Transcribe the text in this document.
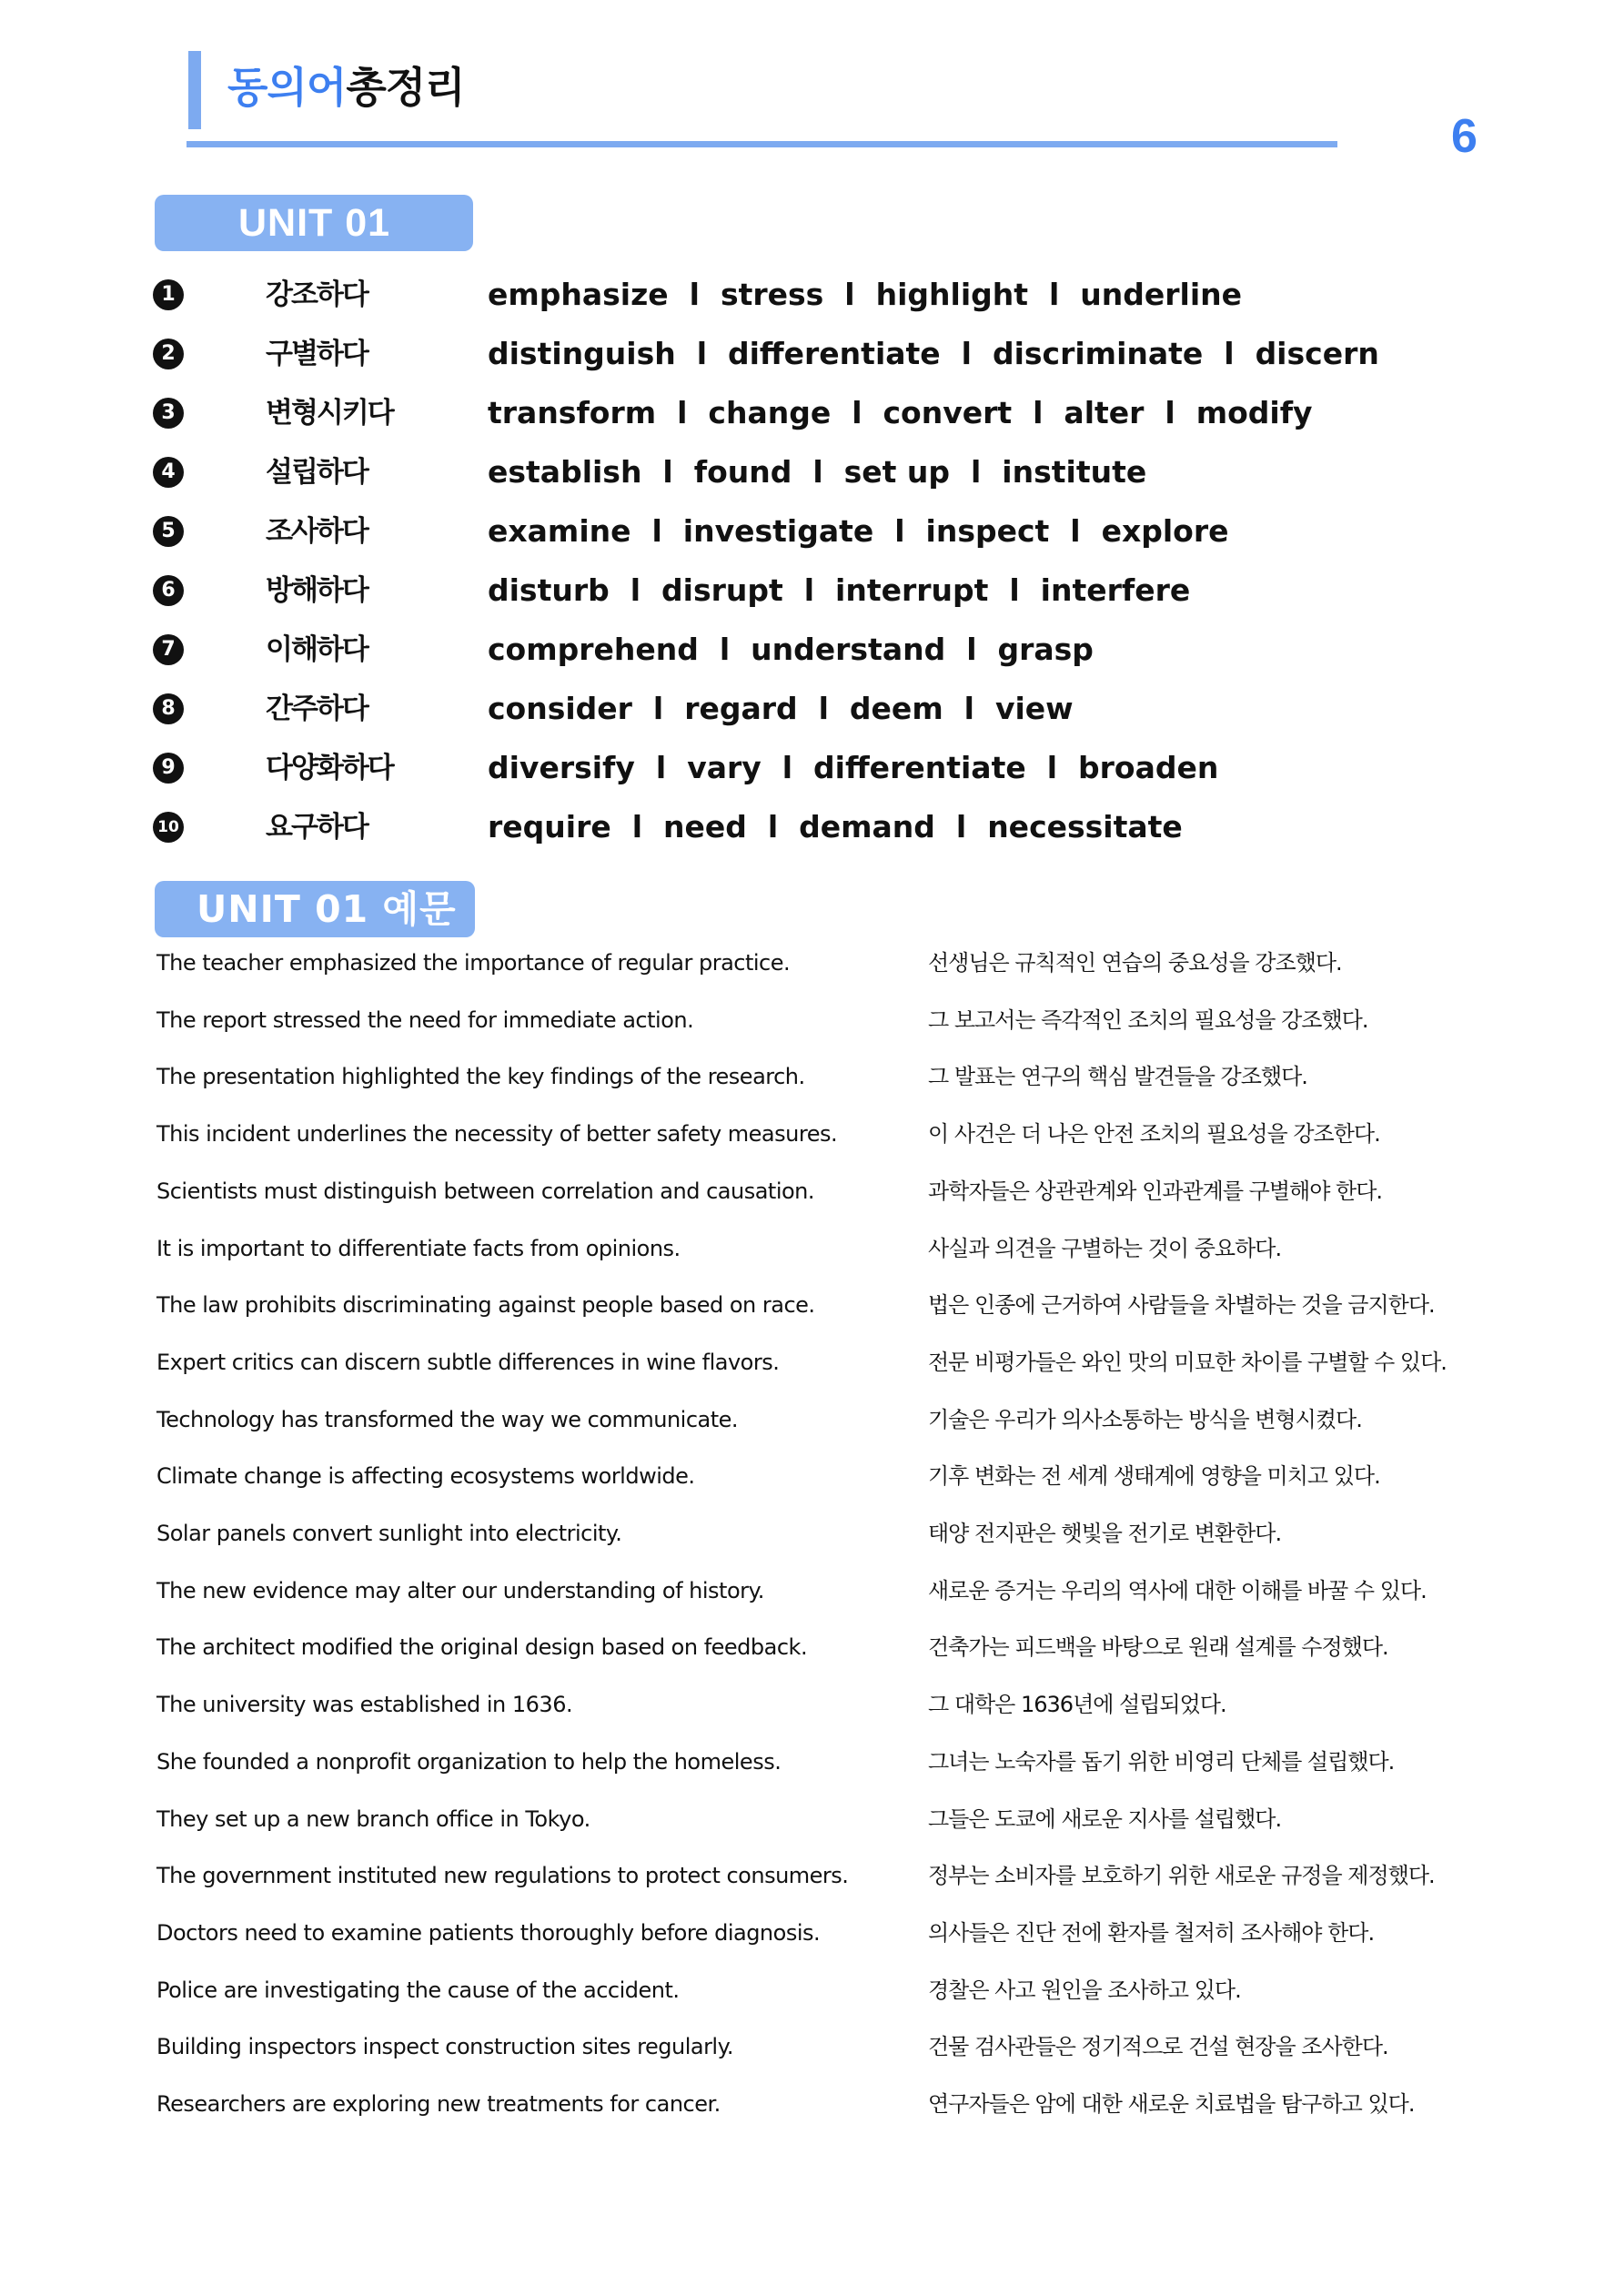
동의어총정리
6
UNIT 01
1	강조하다	emphasize  l  stress  l  highlight  l  underline
2	구별하다	distinguish  l  differentiate  l  discriminate  l  discern
3	변형시키다	transform  l  change  l  convert  l  alter  l  modify
4	설립하다	establish  l  found  l  set up  l  institute
5	조사하다	examine  l  investigate  l  inspect  l  explore
6	방해하다	disturb  l  disrupt  l  interrupt  l  interfere
7	이해하다	comprehend  l  understand  l  grasp
8	간주하다	consider  l  regard  l  deem  l  view
9	다양화하다	diversify  l  vary  l  differentiate  l  broaden
10	요구하다	require  l  need  l  demand  l  necessitate
UNIT 01 예문
The teacher emphasized the importance of regular practice.	선생님은 규칙적인 연습의 중요성을 강조했다.
The report stressed the need for immediate action.	그 보고서는 즉각적인 조치의 필요성을 강조했다.
The presentation highlighted the key findings of the research.	그 발표는 연구의 핵심 발견들을 강조했다.
This incident underlines the necessity of better safety measures.	이 사건은 더 나은 안전 조치의 필요성을 강조한다.
Scientists must distinguish between correlation and causation.	과학자들은 상관관계와 인과관계를 구별해야 한다.
It is important to differentiate facts from opinions.	사실과 의견을 구별하는 것이 중요하다.
The law prohibits discriminating against people based on race.	법은 인종에 근거하여 사람들을 차별하는 것을 금지한다.
Expert critics can discern subtle differences in wine flavors.	전문 비평가들은 와인 맛의 미묘한 차이를 구별할 수 있다.
Technology has transformed the way we communicate.	기술은 우리가 의사소통하는 방식을 변형시켰다.
Climate change is affecting ecosystems worldwide.	기후 변화는 전 세계 생태계에 영향을 미치고 있다.
Solar panels convert sunlight into electricity.	태양 전지판은 햇빛을 전기로 변환한다.
The new evidence may alter our understanding of history.	새로운 증거는 우리의 역사에 대한 이해를 바꿀 수 있다.
The architect modified the original design based on feedback.	건축가는 피드백을 바탕으로 원래 설계를 수정했다.
The university was established in 1636.	그 대학은 1636년에 설립되었다.
She founded a nonprofit organization to help the homeless.	그녀는 노숙자를 돕기 위한 비영리 단체를 설립했다.
They set up a new branch office in Tokyo.	그들은 도쿄에 새로운 지사를 설립했다.
The government instituted new regulations to protect consumers.	정부는 소비자를 보호하기 위한 새로운 규정을 제정했다.
Doctors need to examine patients thoroughly before diagnosis.	의사들은 진단 전에 환자를 철저히 조사해야 한다.
Police are investigating the cause of the accident.	경찰은 사고 원인을 조사하고 있다.
Building inspectors inspect construction sites regularly.	건물 검사관들은 정기적으로 건설 현장을 조사한다.
Researchers are exploring new treatments for cancer.	연구자들은 암에 대한 새로운 치료법을 탐구하고 있다.
